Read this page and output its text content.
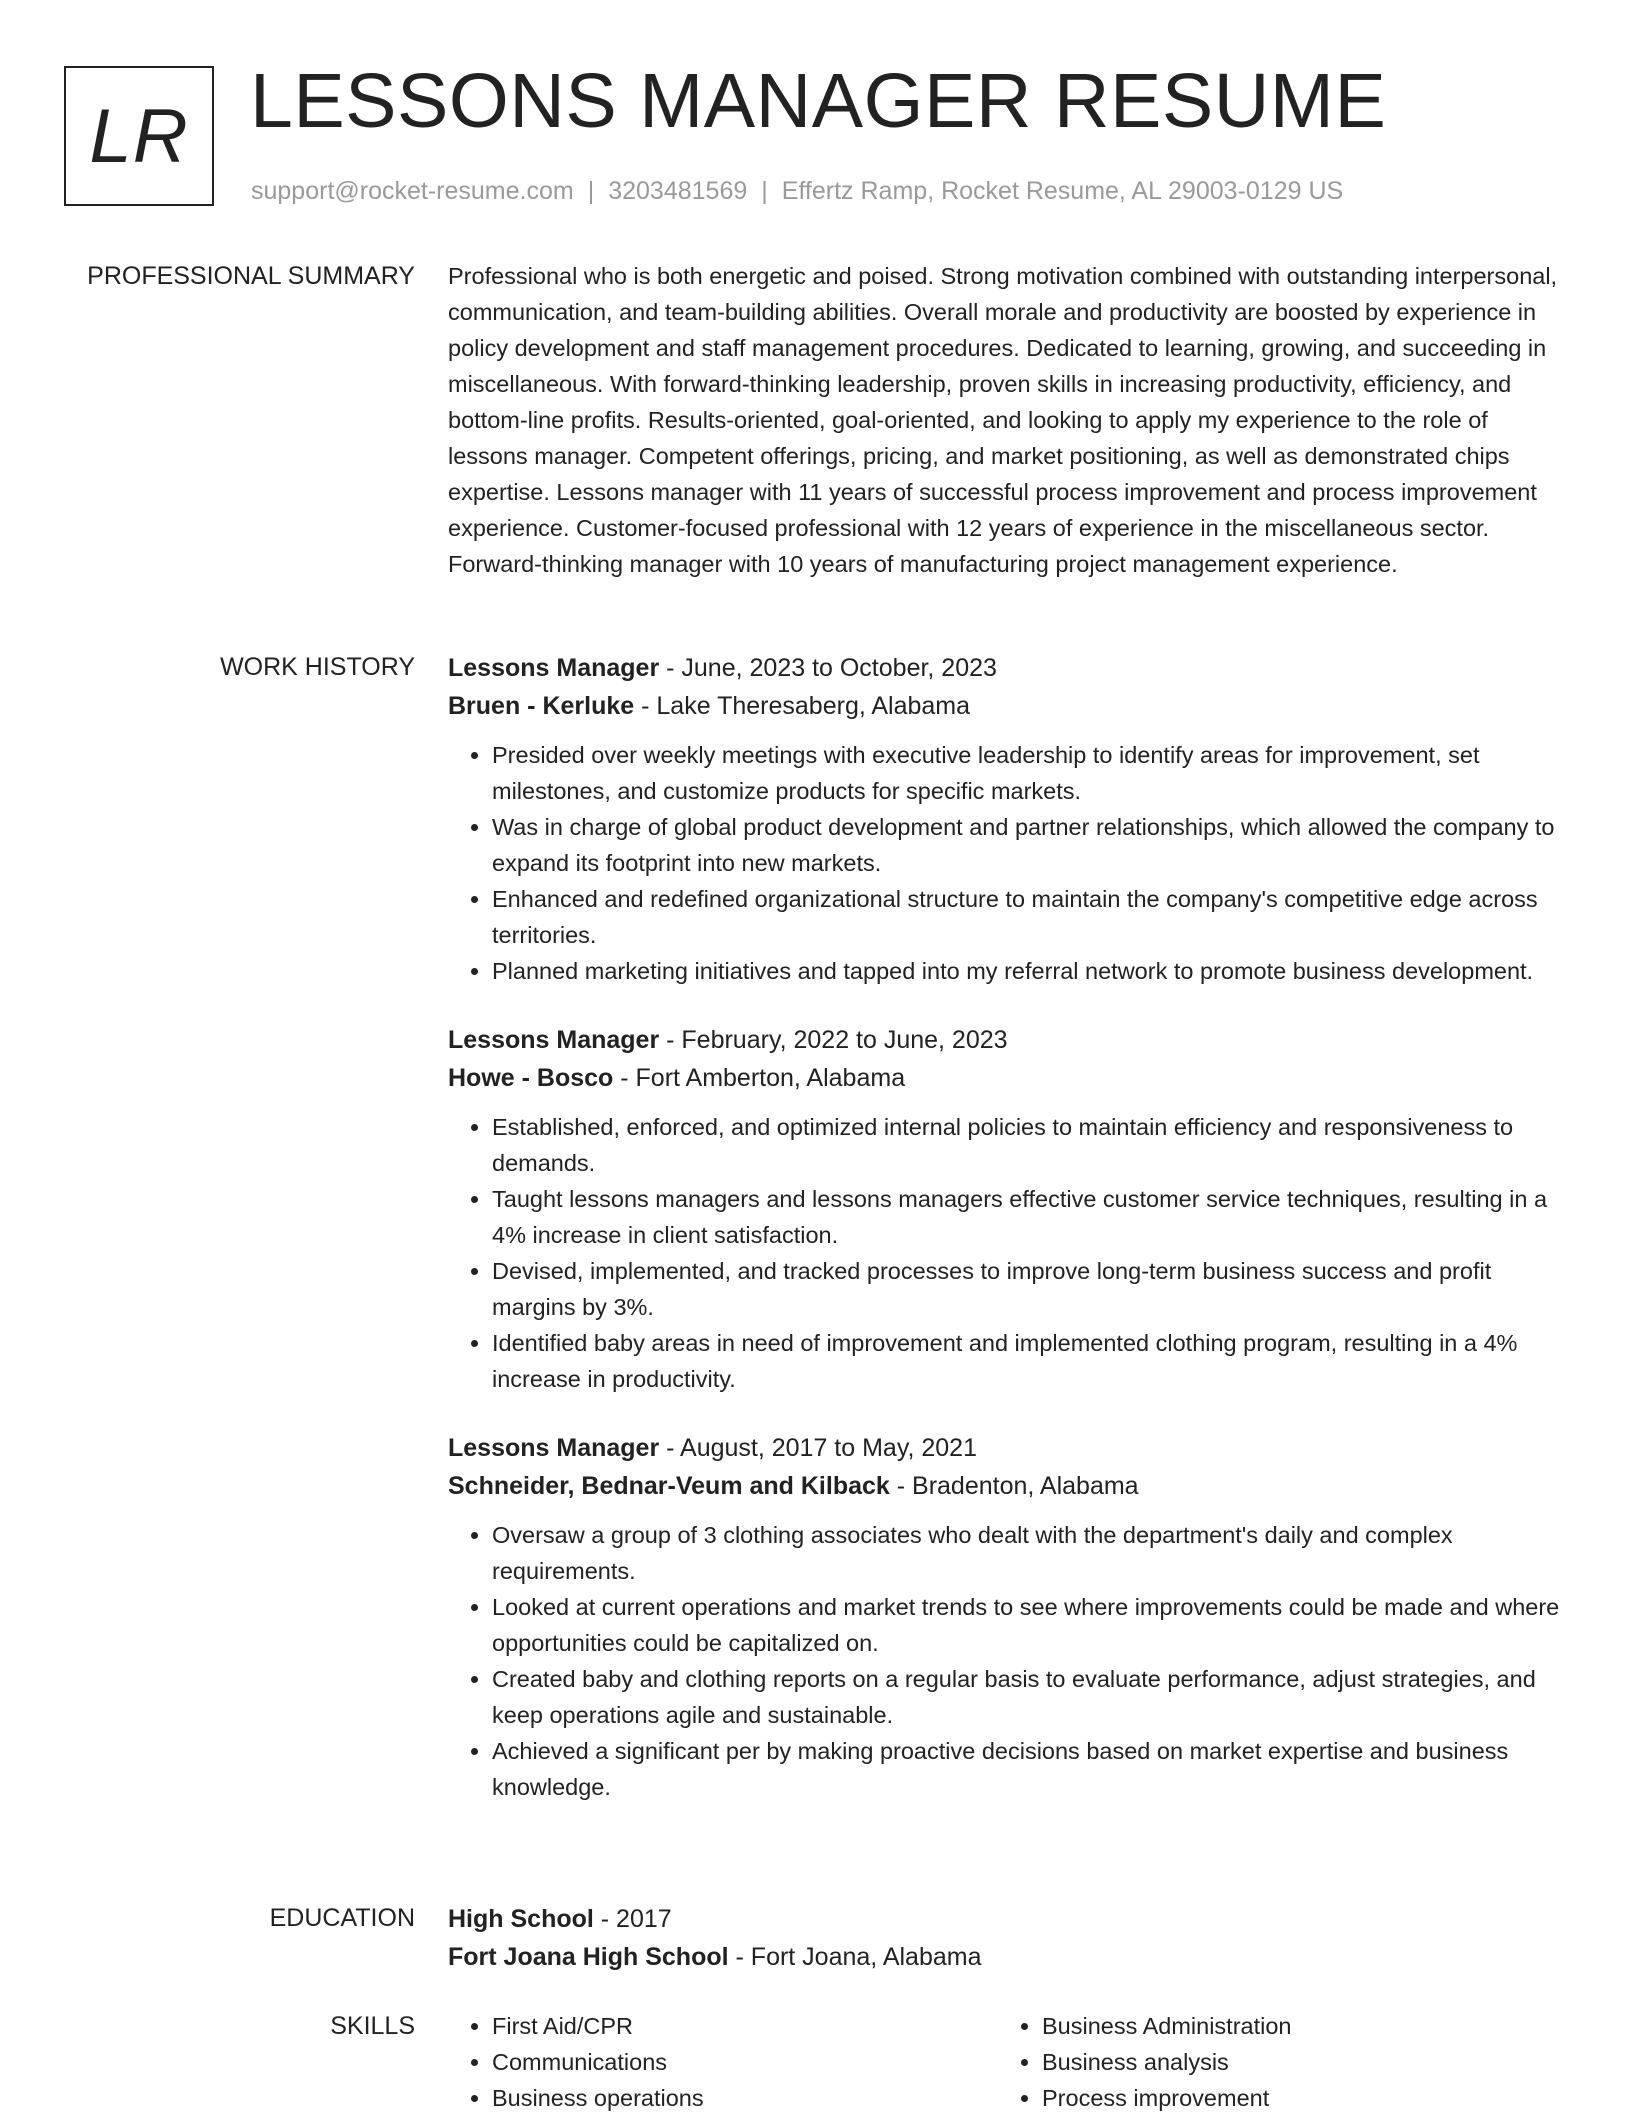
LR LESSONS MANAGER RESUME
support@rocket-resume.com | 3203481569 | Effertz Ramp, Rocket Resume, AL 29003-0129 US
PROFESSIONAL SUMMARY Professional who is both energetic and poised. Strong motivation combined with outstanding interpersonal, communication, and team-building abilities. Overall morale and productivity are boosted by experience in policy development and staff management procedures. Dedicated to learning, growing, and succeeding in miscellaneous. With forward-thinking leadership, proven skills in increasing productivity, efficiency, and bottom-line profits. Results-oriented, goal-oriented, and looking to apply my experience to the role of lessons manager. Competent offerings, pricing, and market positioning, as well as demonstrated chips expertise. Lessons manager with 11 years of successful process improvement and process improvement experience. Customer-focused professional with 12 years of experience in the miscellaneous sector. Forward-thinking manager with 10 years of manufacturing project management experience.

WORK HISTORY Lessons Manager - June, 2023 to October, 2023
Bruen - Kerluke - Lake Theresaberg, Alabama
• Presided over weekly meetings with executive leadership to identify areas for improvement, set milestones, and customize products for specific markets.
• Was in charge of global product development and partner relationships, which allowed the company to expand its footprint into new markets.
• Enhanced and redefined organizational structure to maintain the company's competitive edge across territories.
• Planned marketing initiatives and tapped into my referral network to promote business development.
Lessons Manager - February, 2022 to June, 2023
Howe - Bosco - Fort Amberton, Alabama
• Established, enforced, and optimized internal policies to maintain efficiency and responsiveness to demands.
• Taught lessons managers and lessons managers effective customer service techniques, resulting in a 4% increase in client satisfaction.
• Devised, implemented, and tracked processes to improve long-term business success and profit margins by 3%.
• Identified baby areas in need of improvement and implemented clothing program, resulting in a 4% increase in productivity.
Lessons Manager - August, 2017 to May, 2021
Schneider, Bednar-Veum and Kilback - Bradenton, Alabama
• Oversaw a group of 3 clothing associates who dealt with the department's daily and complex requirements.
• Looked at current operations and market trends to see where improvements could be made and where opportunities could be capitalized on.
• Created baby and clothing reports on a regular basis to evaluate performance, adjust strategies, and keep operations agile and sustainable.
• Achieved a significant per by making proactive decisions based on market expertise and business knowledge.
EDUCATION High School - 2017
Fort Joana High School - Fort Joana, Alabama
SKILLS
•	First Aid/CPR
• Communications
• Business operations
• Business Administration
• Business analysis
• Process improvement
